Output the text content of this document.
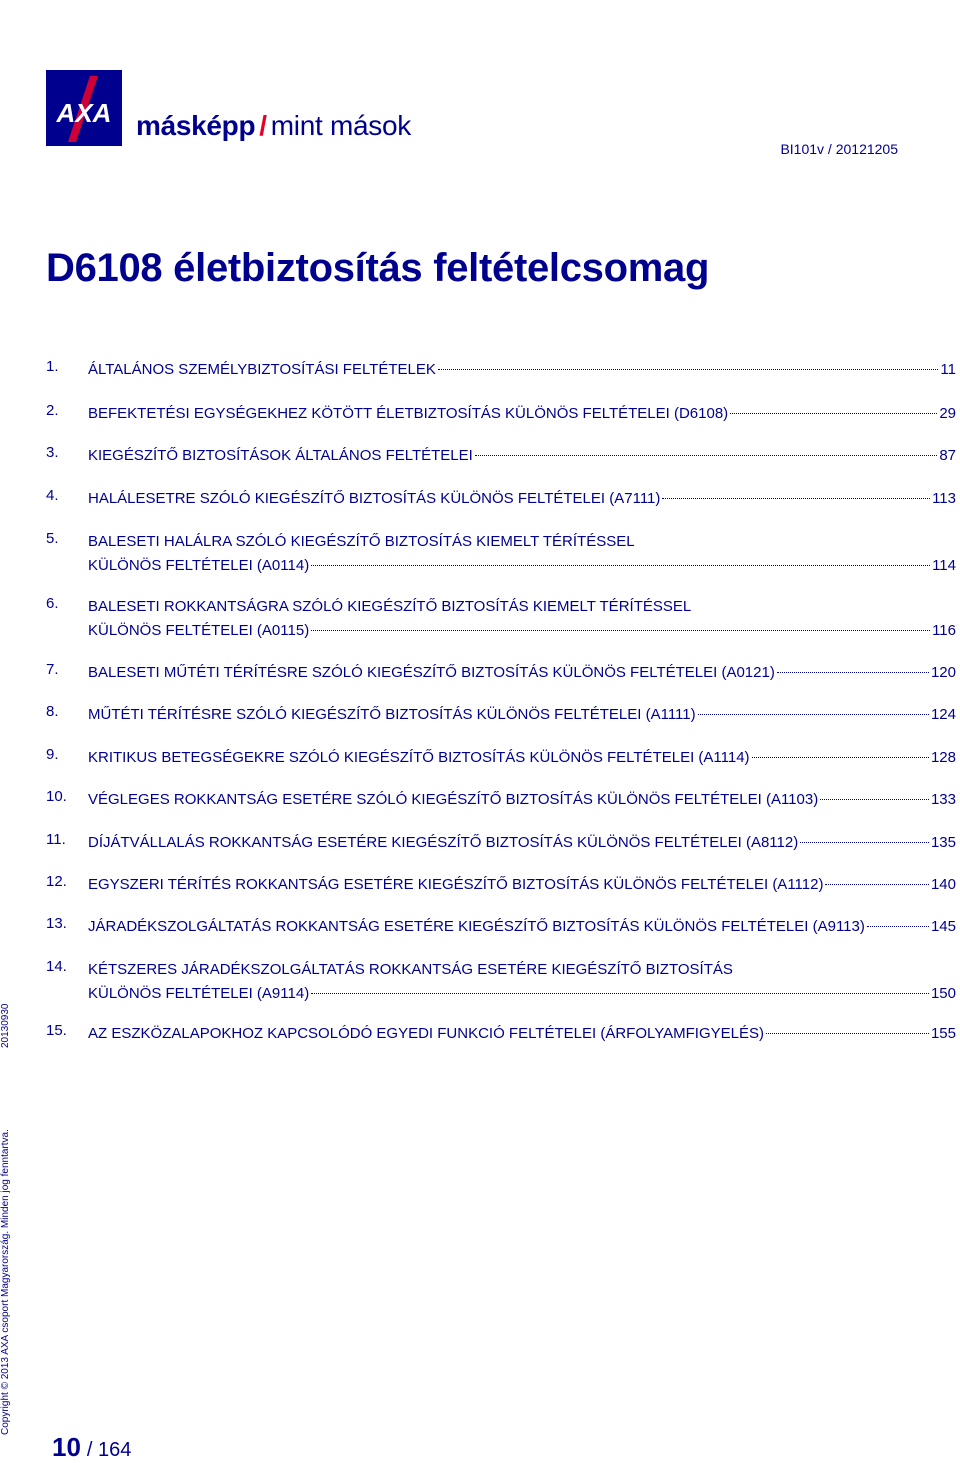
AXA másképp / mint mások
BI101v / 20121205
D6108 életbiztosítás feltételcsomag
1. ÁLTALÁNOS SZEMÉLYBIZTOSÍTÁSI FELTÉTELEK	11
2. BEFEKTETÉSI EGYSÉGEKHEZ KÖTÖTT ÉLETBIZTOSÍTÁS KÜLÖNÖS FELTÉTELEI (D6108)	29
3. KIEGÉSZÍTŐ BIZTOSÍTÁSOK ÁLTALÁNOS FELTÉTELEI	87
4. HALÁLESETRE SZÓLÓ KIEGÉSZÍTŐ BIZTOSÍTÁS KÜLÖNÖS FELTÉTELEI (A7111)	113
5. BALESETI HALÁLRA SZÓLÓ KIEGÉSZÍTŐ BIZTOSÍTÁS KIEMELT TÉRÍTÉSSEL
KÜLÖNÖS FELTÉTELEI (A0114)	114
6. BALESETI ROKKANTSÁGRA SZÓLÓ KIEGÉSZÍTŐ BIZTOSÍTÁS KIEMELT TÉRÍTÉSSEL
KÜLÖNÖS FELTÉTELEI (A0115)	116
7. BALESETI MŰTÉTI TÉRÍTÉSRE SZÓLÓ KIEGÉSZÍTŐ BIZTOSÍTÁS KÜLÖNÖS FELTÉTELEI (A0121)	120
8. MŰTÉTI TÉRÍTÉSRE SZÓLÓ KIEGÉSZÍTŐ BIZTOSÍTÁS KÜLÖNÖS FELTÉTELEI (A1111)	124
9. KRITIKUS BETEGSÉGEKRE SZÓLÓ KIEGÉSZÍTŐ BIZTOSÍTÁS KÜLÖNÖS FELTÉTELEI (A1114)	128
10. VÉGLEGES ROKKANTSÁG ESETÉRE SZÓLÓ KIEGÉSZÍTŐ BIZTOSÍTÁS KÜLÖNÖS FELTÉTELEI (A1103)	133
11. DÍJÁTVÁLLALÁS ROKKANTSÁG ESETÉRE KIEGÉSZÍTŐ BIZTOSÍTÁS KÜLÖNÖS FELTÉTELEI (A8112)	135
12. EGYSZERI TÉRÍTÉS ROKKANTSÁG ESETÉRE KIEGÉSZÍTŐ BIZTOSÍTÁS KÜLÖNÖS FELTÉTELEI (A1112)	140
13. JÁRADÉKSZOLGÁLTATÁS ROKKANTSÁG ESETÉRE KIEGÉSZÍTŐ BIZTOSÍTÁS KÜLÖNÖS FELTÉTELEI (A9113)	145
14. KÉTSZERES JÁRADÉKSZOLGÁLTATÁS ROKKANTSÁG ESETÉRE KIEGÉSZÍTŐ BIZTOSÍTÁS
KÜLÖNÖS FELTÉTELEI (A9114)	150
15. AZ ESZKÖZALAPOKHOZ KAPCSOLÓDÓ EGYEDI FUNKCIÓ FELTÉTELEI (ÁRFOLYAMFIGYELÉS)	155
Copyright © 2013 AXA csoport Magyarország. Minden jog fenntartva.
20130930
10 / 164
